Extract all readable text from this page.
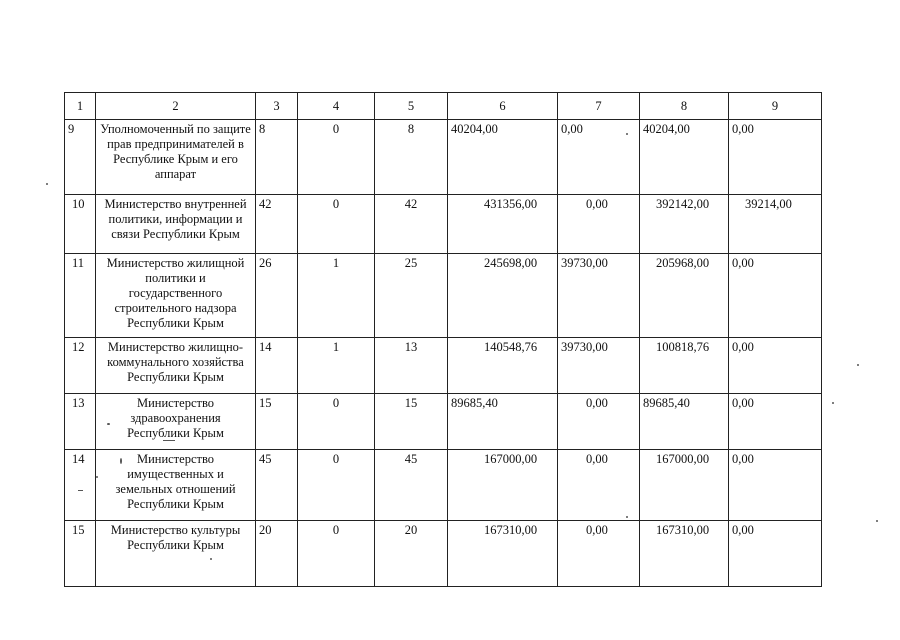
1	2	3	4	5	6	7	8	9
9	Уполномоченный по защите прав предпринимателей в Республике Крым и его аппарат	8	0	8	40204,00	0,00	40204,00	0,00
10	Министерство внутренней политики, информации и связи Республики Крым	42	0	42	431356,00	0,00	392142,00	39214,00
11	Министерство жилищной политики и государственного строительного надзора Республики Крым	26	1	25	245698,00	39730,00	205968,00	0,00
12	Министерство жилищно-коммунального хозяйства Республики Крым	14	1	13	140548,76	39730,00	100818,76	0,00
13	Министерство здравоохранения Республики Крым	15	0	15	89685,40	0,00	89685,40	0,00
14	Министерство имущественных и земельных отношений Республики Крым	45	0	45	167000,00	0,00	167000,00	0,00
15	Министерство культуры Республики Крым	20	0	20	167310,00	0,00	167310,00	0,00
